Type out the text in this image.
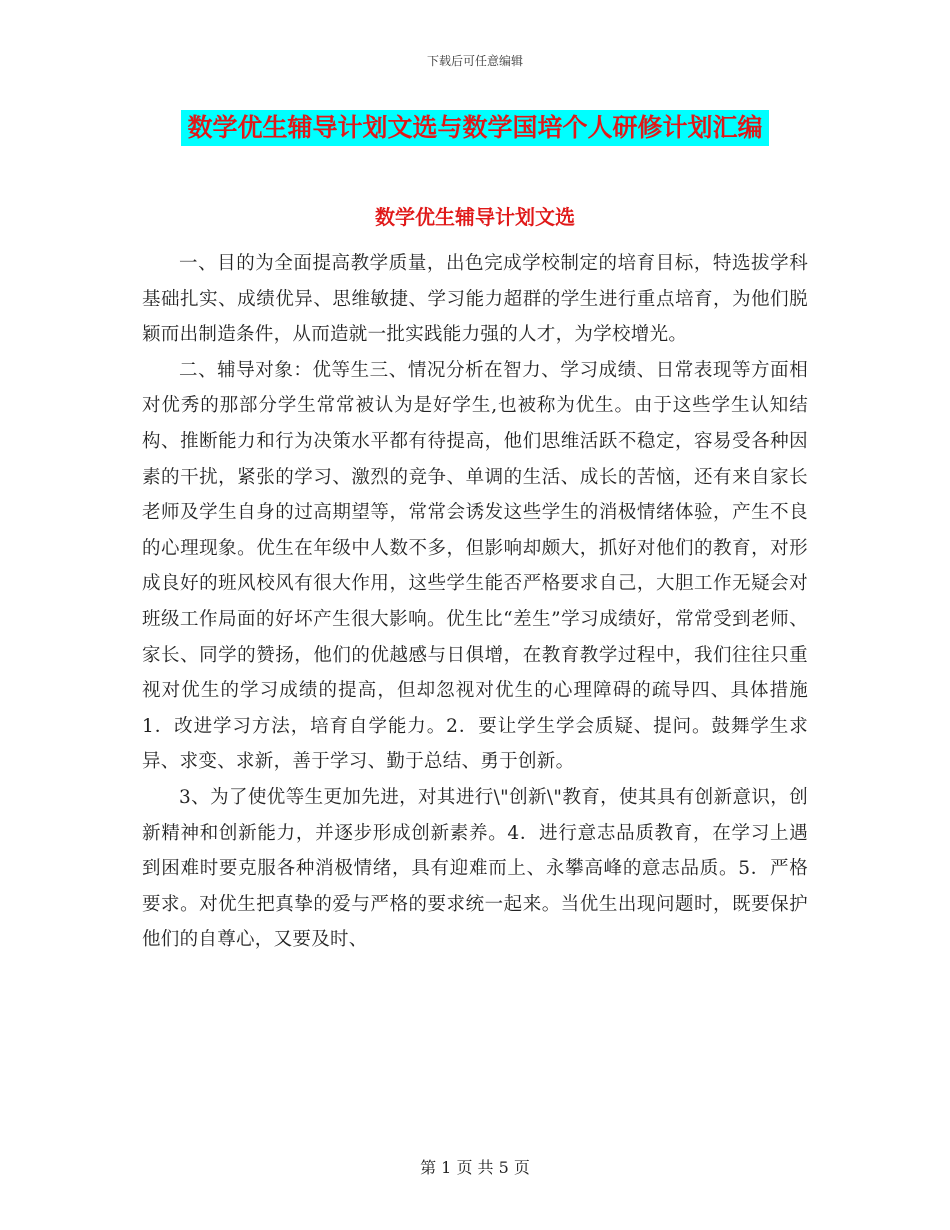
下载后可任意编辑
数学优生辅导计划文选与数学国培个人研修计划汇编
数学优生辅导计划文选

一、目的为全面提高教学质量，出色完成学校制定的培育目标，特选拔学科基础扎实、成绩优异、思维敏捷、学习能力超群的学生进行重点培育，为他们脱颖而出制造条件，从而造就一批实践能力强的人才，为学校增光。

二、辅导对象：优等生三、情况分析在智力、学习成绩、日常表现等方面相对优秀的那部分学生常常被认为是好学生,也被称为优生。由于这些学生认知结构、推断能力和行为决策水平都有待提高，他们思维活跃不稳定，容易受各种因素的干扰，紧张的学习、激烈的竞争、单调的生活、成长的苦恼，还有来自家长老师及学生自身的过高期望等，常常会诱发这些学生的消极情绪体验，产生不良的心理现象。优生在年级中人数不多，但影响却颇大，抓好对他们的教育，对形成良好的班风校风有很大作用，这些学生能否严格要求自己，大胆工作无疑会对班级工作局面的好坏产生很大影响。优生比“差生”学习成绩好，常常受到老师、家长、同学的赞扬，他们的优越感与日俱增，在教育教学过程中，我们往往只重视对优生的学习成绩的提高，但却忽视对优生的心理障碍的疏导四、具体措施1．改进学习方法，培育自学能力。2．要让学生学会质疑、提问。鼓舞学生求异、求变、求新，善于学习、勤于总结、勇于创新。

3、为了使优等生更加先进，对其进行\"创新\"教育，使其具有创新意识，创新精神和创新能力，并逐步形成创新素养。4．进行意志品质教育，在学习上遇到困难时要克服各种消极情绪，具有迎难而上、永攀高峰的意志品质。5．严格要求。对优生把真挚的爱与严格的要求统一起来。当优生出现问题时，既要保护他们的自尊心，又要及时、

第 1 页 共 5 页
